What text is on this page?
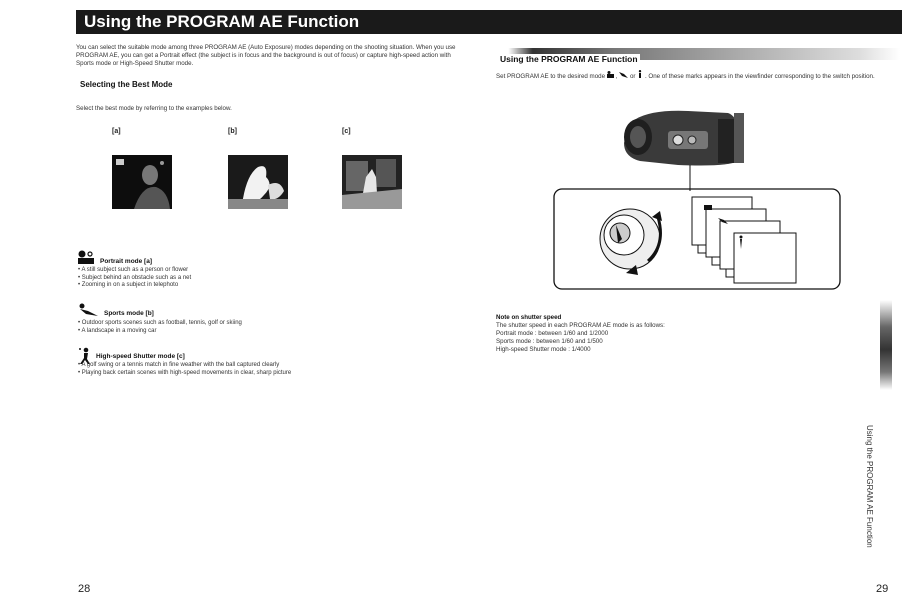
Using the PROGRAM AE Function
You can select the suitable mode among three PROGRAM AE (Auto Exposure) modes depending on the shooting situation. When you use PROGRAM AE, you can get a Portrait effect (the subject is in focus and the background is out of focus) or capture high-speed action with Sports mode or High-Speed Shutter mode.
Selecting the Best Mode
Select the best mode by referring to the examples below.
[a]	[b]	[c]
Portrait mode [a]
• A still subject such as a person or flower
• Subject behind an obstacle such as a net
• Zooming in on a subject in telephoto
Sports mode [b]
• Outdoor sports scenes such as football, tennis, golf or skiing
• A landscape in a moving car
High-speed Shutter mode [c]
• A golf swing or a tennis match in fine weather with the ball captured clearly
• Playing back certain scenes with high-speed movements in clear, sharp picture
28
Using the PROGRAM AE Function
Set PROGRAM AE to the desired mode ,  or . One of these marks appears in the viewfinder corresponding to the switch position.
Note on shutter speed
The shutter speed in each PROGRAM AE mode is as follows:
Portrait mode : between 1/60 and 1/2000
Sports mode : between 1/60 and 1/500
High-speed Shutter mode : 1/4000
Using the PROGRAM AE Function
29
